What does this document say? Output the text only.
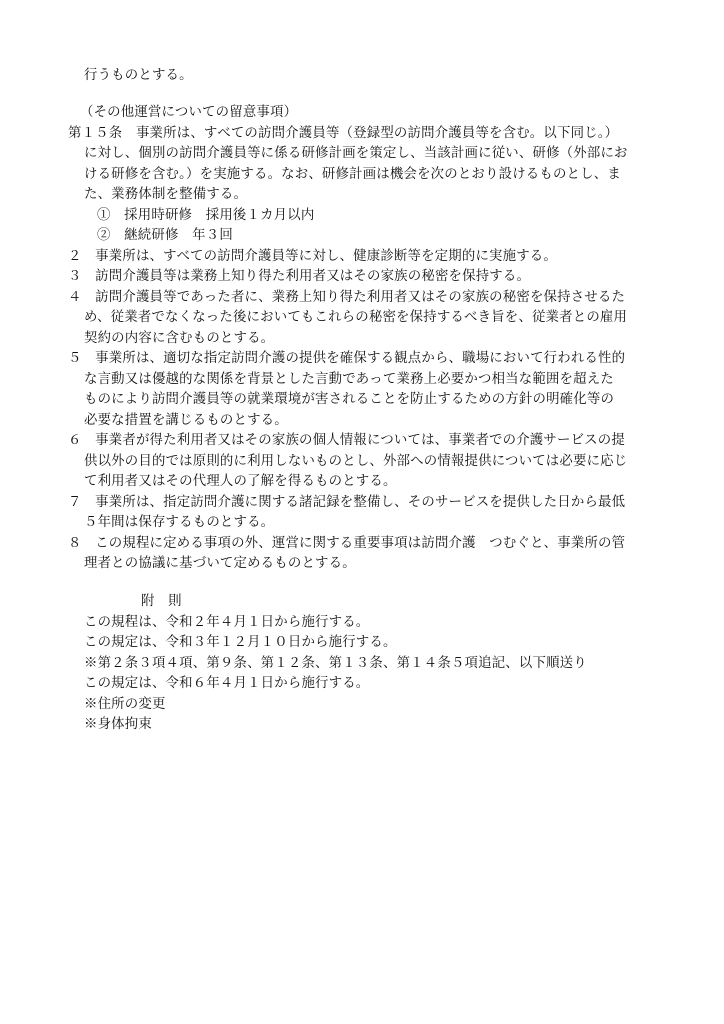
行うものとする。
（その他運営についての留意事項）
第１５条　事業所は、すべての訪問介護員等（登録型の訪問介護員等を含む。以下同じ。）
に対し、個別の訪問介護員等に係る研修計画を策定し、当該計画に従い、研修（外部にお
ける研修を含む。）を実施する。なお、研修計画は機会を次のとおり設けるものとし、ま
た、業務体制を整備する。
①　採用時研修　採用後１カ月以内
②　継続研修　年３回
２　事業所は、すべての訪問介護員等に対し、健康診断等を定期的に実施する。
３　訪問介護員等は業務上知り得た利用者又はその家族の秘密を保持する。
４　訪問介護員等であった者に、業務上知り得た利用者又はその家族の秘密を保持させるた
め、従業者でなくなった後においてもこれらの秘密を保持するべき旨を、従業者との雇用
契約の内容に含むものとする。
５　事業所は、適切な指定訪問介護の提供を確保する観点から、職場において行われる性的
な言動又は優越的な関係を背景とした言動であって業務上必要かつ相当な範囲を超えた
ものにより訪問介護員等の就業環境が害されることを防止するための方針の明確化等の
必要な措置を講じるものとする。
６　事業者が得た利用者又はその家族の個人情報については、事業者での介護サービスの提
供以外の目的では原則的に利用しないものとし、外部への情報提供については必要に応じ
て利用者又はその代理人の了解を得るものとする。
７　事業所は、指定訪問介護に関する諸記録を整備し、そのサービスを提供した日から最低
５年間は保存するものとする。
８　この規程に定める事項の外、運営に関する重要事項は訪問介護　つむぐと、事業所の管
理者との協議に基づいて定めるものとする。
附　則
この規程は、令和２年４月１日から施行する。
この規定は、令和３年１２月１０日から施行する。
※第２条３項４項、第９条、第１２条、第１３条、第１４条５項追記、以下順送り
この規定は、令和６年４月１日から施行する。
※住所の変更
※身体拘束
